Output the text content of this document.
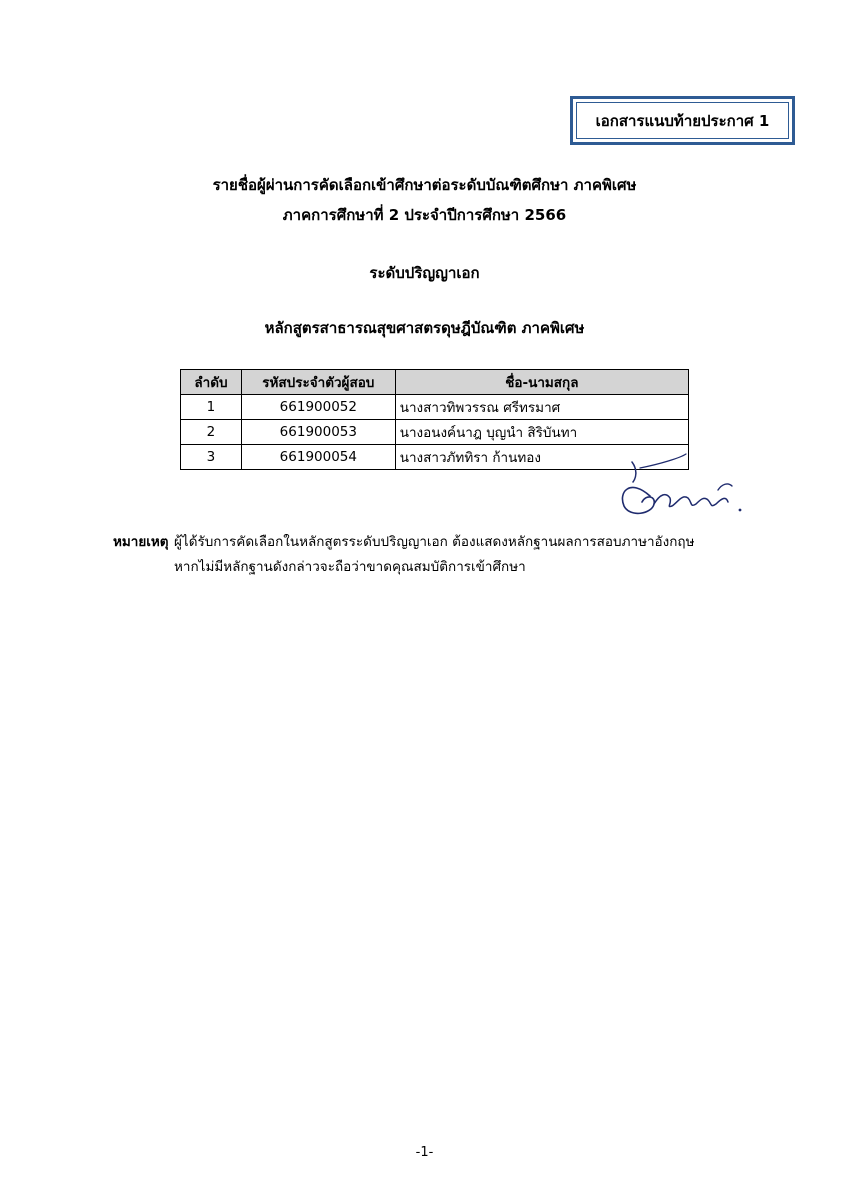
เอกสารแนบท้ายประกาศ 1
รายชื่อผู้ผ่านการคัดเลือกเข้าศึกษาต่อระดับบัณฑิตศึกษา ภาคพิเศษ
ภาคการศึกษาที่ 2 ประจำปีการศึกษา 2566
ระดับปริญญาเอก
หลักสูตรสาธารณสุขศาสตรดุษฎีบัณฑิต ภาคพิเศษ
ลำดับ	รหัสประจำตัวผู้สอบ	ชื่อ-นามสกุล
1	661900052	นางสาวทิพวรรณ ศรีทรมาศ
2	661900053	นางอนงค์นาฎ บุญนำ สิริบันทา
3	661900054	นางสาวภัททิรา ก้านทอง
หมายเหตุ ผู้ได้รับการคัดเลือกในหลักสูตรระดับปริญญาเอก ต้องแสดงหลักฐานผลการสอบภาษาอังกฤษ
หากไม่มีหลักฐานดังกล่าวจะถือว่าขาดคุณสมบัติการเข้าศึกษา
-1-
